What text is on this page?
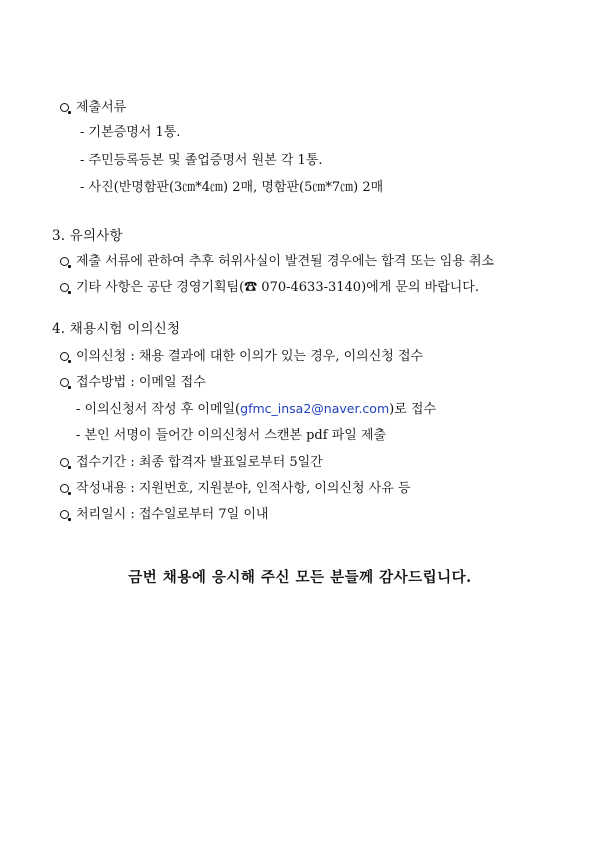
제출서류
- 기본증명서 1통.
- 주민등록등본 및 졸업증명서 원본 각 1통.
- 사진(반명함판(3㎝*4㎝) 2매, 명함판(5㎝*7㎝) 2매
3. 유의사항
제출 서류에 관하여 추후 허위사실이 발견될 경우에는 합격 또는 임용 취소
기타 사항은 공단 경영기획팀(☎ 070-4633-3140)에게 문의 바랍니다.
4. 채용시험 이의신청
이의신청 : 채용 결과에 대한 이의가 있는 경우, 이의신청 접수
접수방법 : 이메일 접수
- 이의신청서 작성 후 이메일(gfmc_insa2@naver.com)로 접수
- 본인 서명이 들어간 이의신청서 스캔본 pdf 파일 제출
접수기간 : 최종 합격자 발표일로부터 5일간
작성내용 : 지원번호, 지원분야, 인적사항, 이의신청 사유 등
처리일시 : 접수일로부터 7일 이내
금번 채용에 응시해 주신 모든 분들께 감사드립니다.
